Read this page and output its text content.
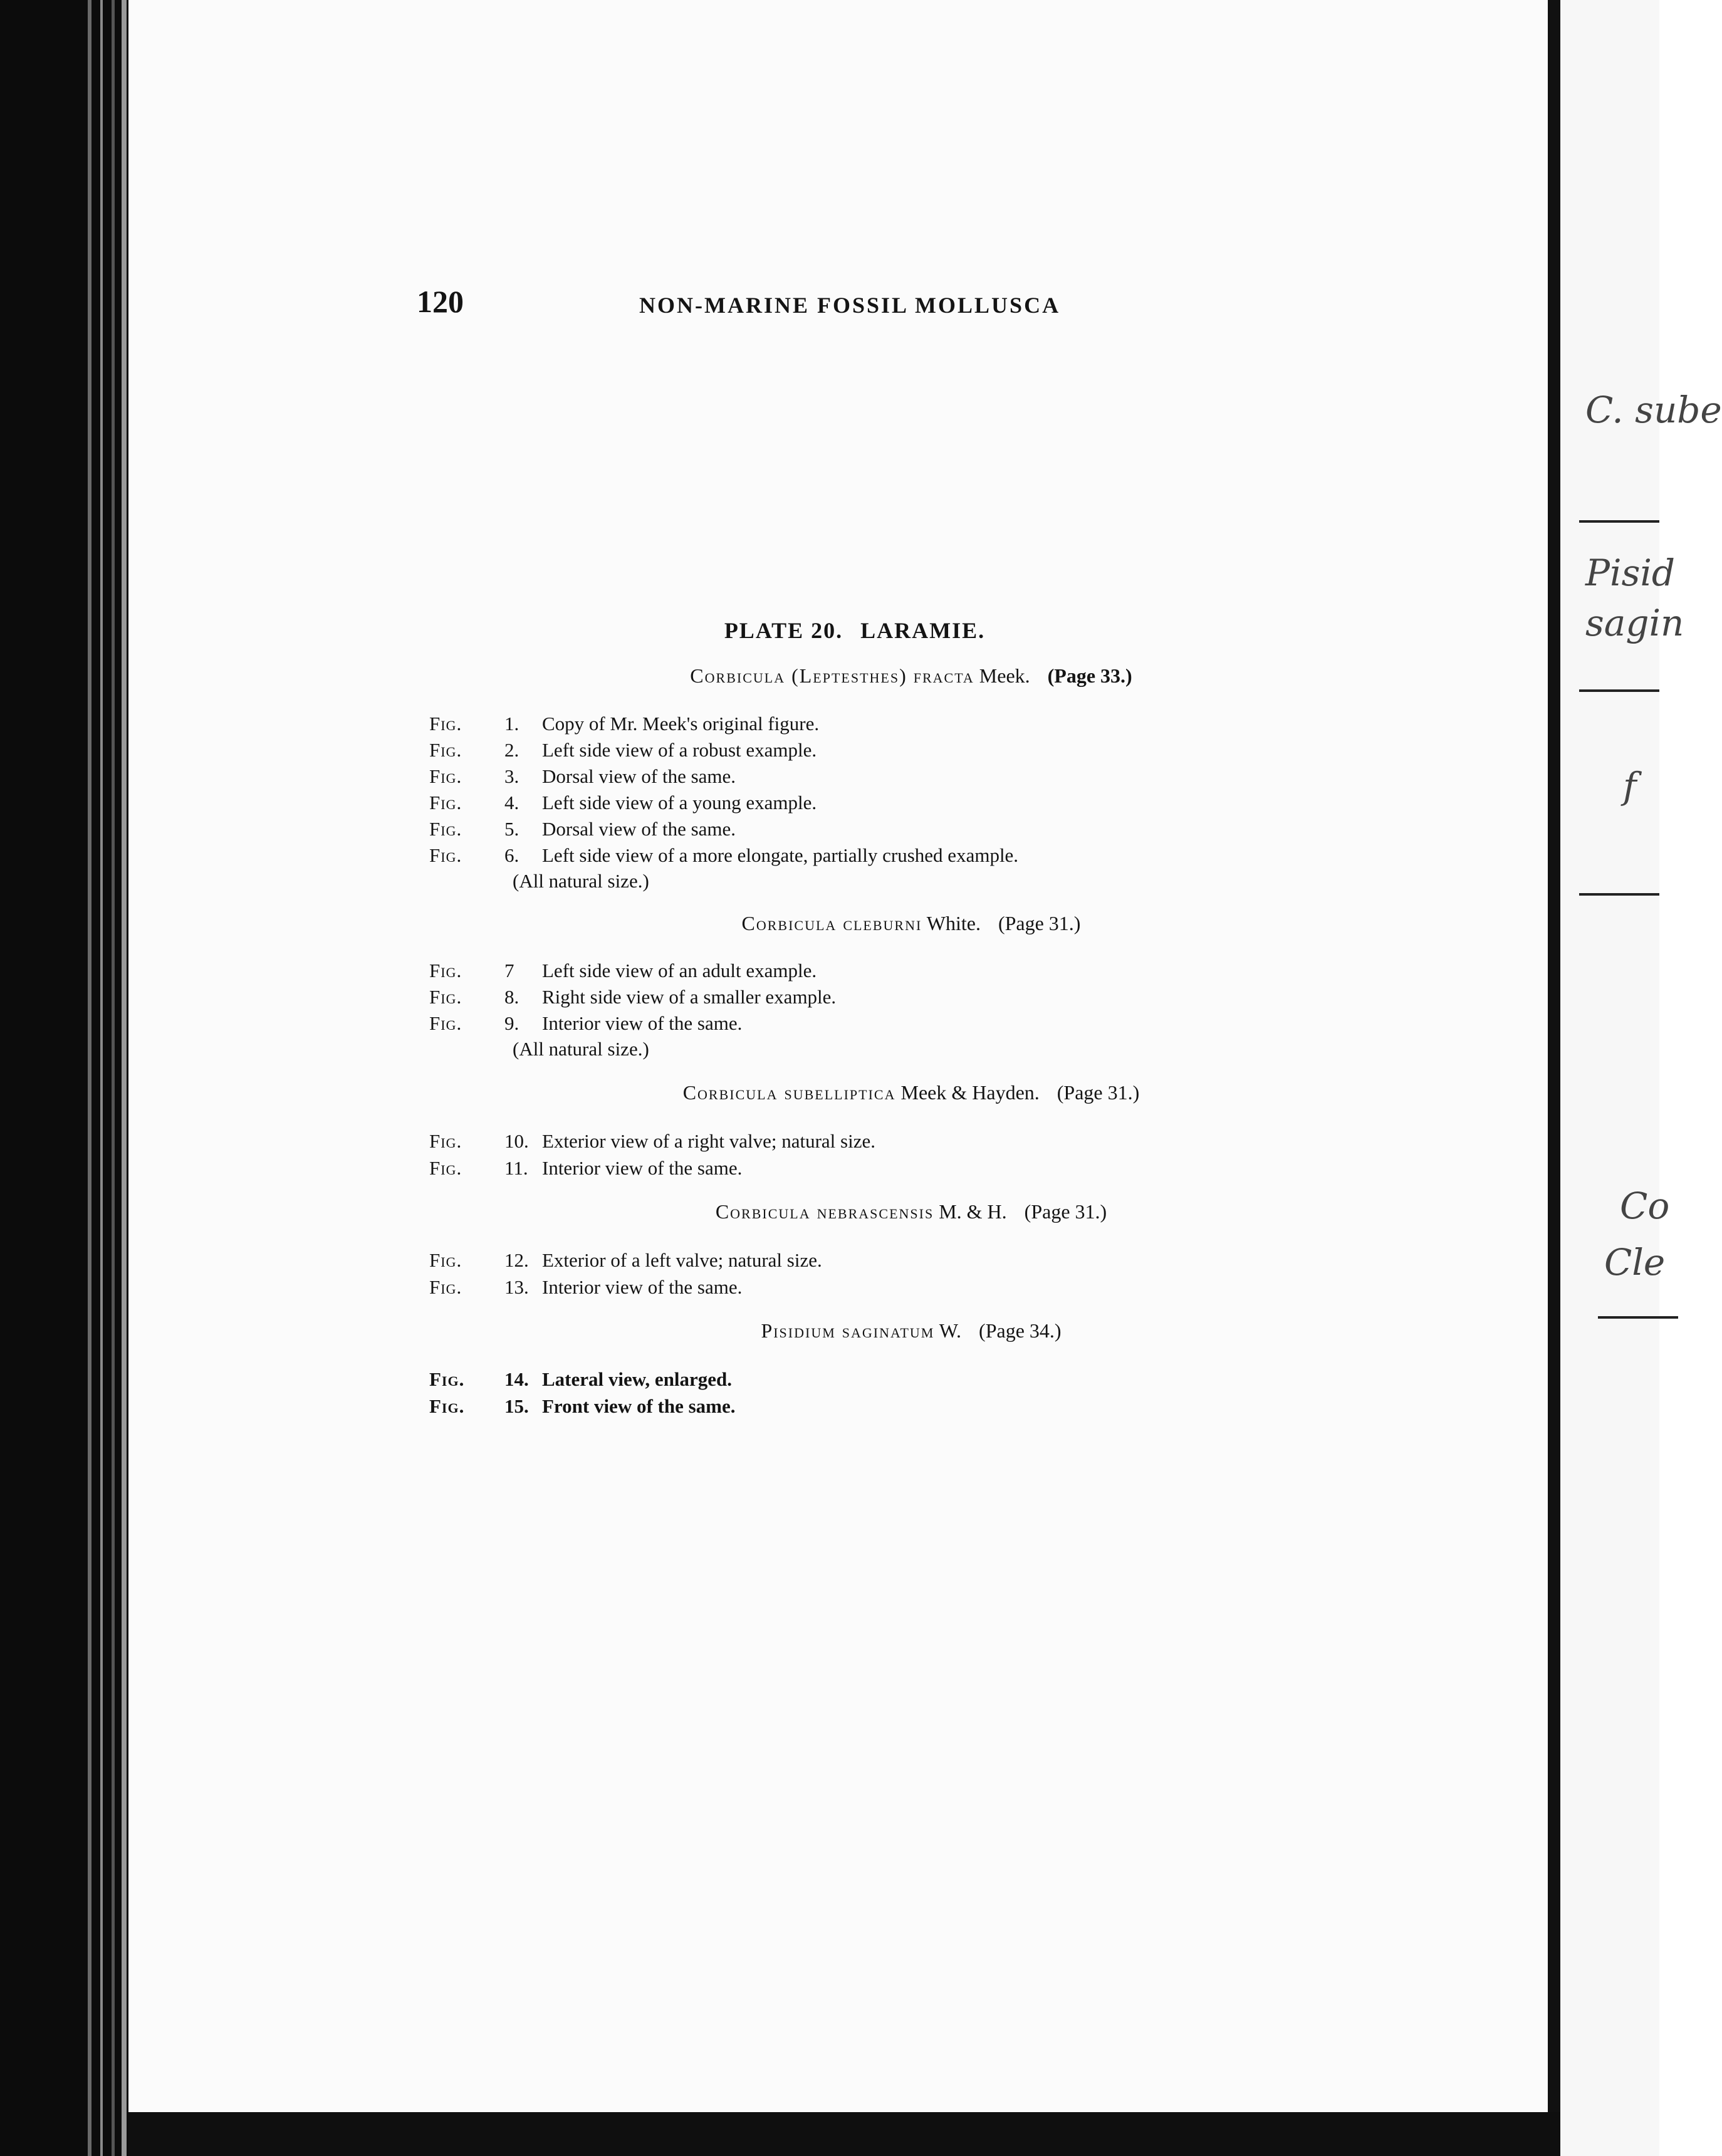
C. sube
Pisid
sagin
f
Co
Cle
120	NON-MARINE FOSSIL MOLLUSCA
PLATE 20. LARAMIE.
Corbicula (Leptesthes) fracta Meek. (Page 33.)
Fig. 1. Copy of Mr. Meek's original figure.
Fig. 2. Left side view of a robust example.
Fig. 3. Dorsal view of the same.
Fig. 4. Left side view of a young example.
Fig. 5. Dorsal view of the same.
Fig. 6. Left side view of a more elongate, partially crushed example.
(All natural size.)
Corbicula cleburni White. (Page 31.)
Fig. 7 Left side view of an adult example.
Fig. 8. Right side view of a smaller example.
Fig. 9. Interior view of the same.
(All natural size.)
Corbicula subelliptica Meek & Hayden. (Page 31.)
Fig. 10. Exterior view of a right valve; natural size.
Fig. 11. Interior view of the same.
Corbicula nebrascensis M. & H. (Page 31.)
Fig. 12. Exterior of a left valve; natural size.
Fig. 13. Interior view of the same.
Pisidium saginatum W. (Page 34.)
Fig. 14. Lateral view, enlarged.
Fig. 15. Front view of the same.
